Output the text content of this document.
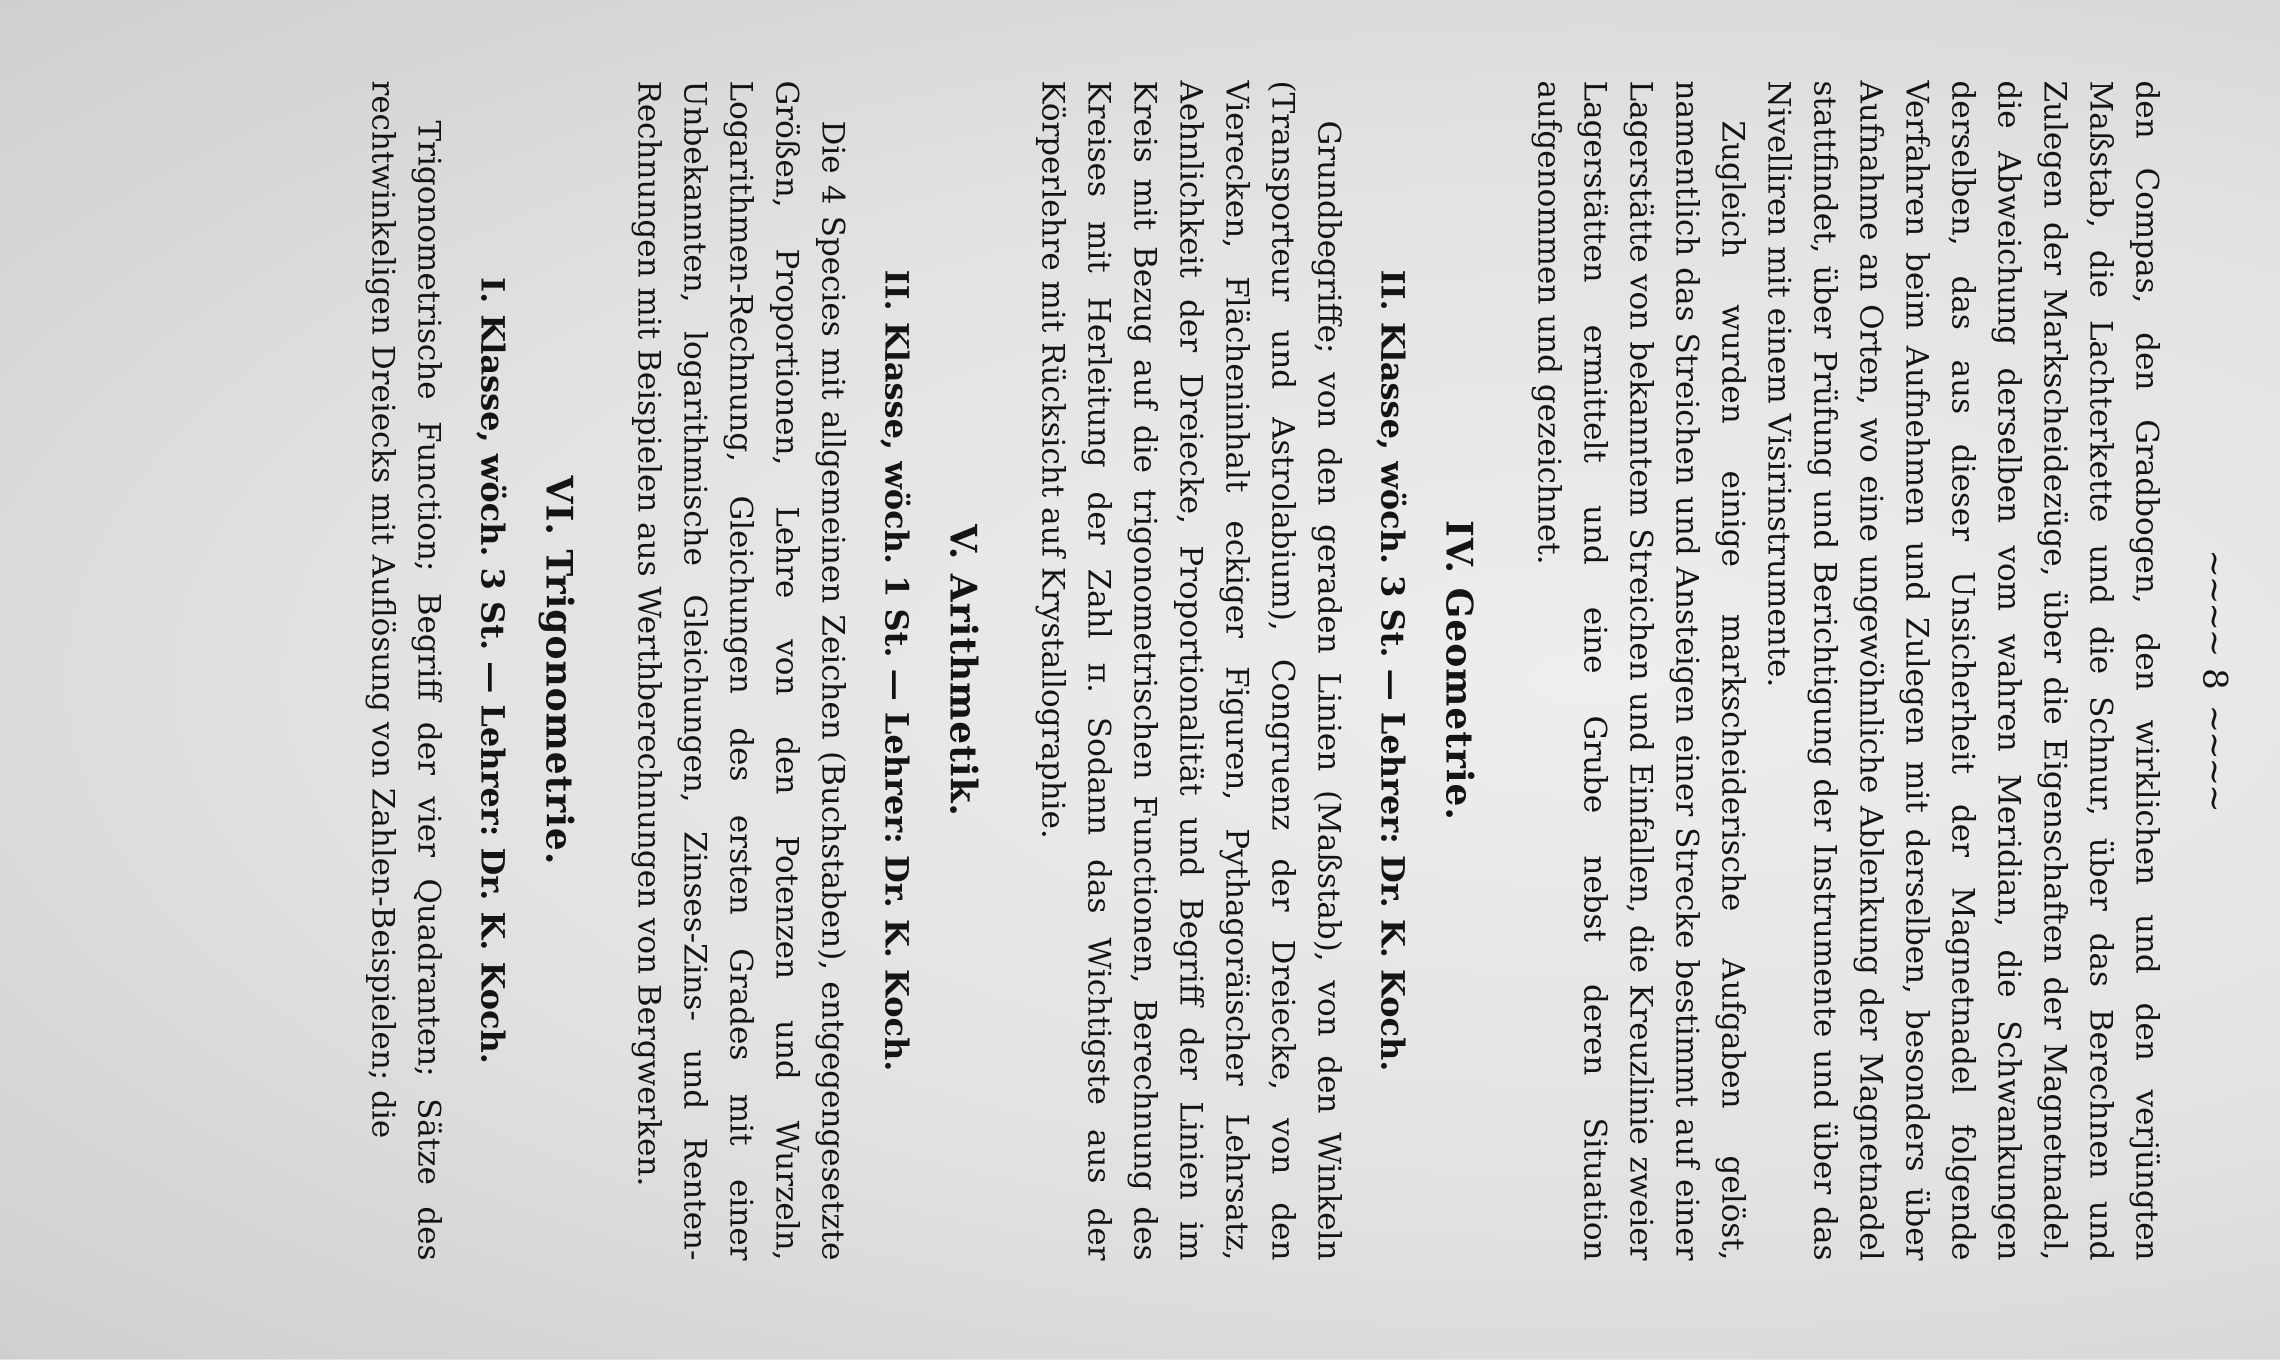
~~~~ 8 ~~~~

den Compas, den Gradbogen, den wirklichen und den verjüngten Maßstab, die Lachterkette und die Schnur, über das Berechnen und Zulegen der Markscheidezüge, über die Eigenschaften der Magnetnadel, die Abweichung derselben vom wahren Meridian, die Schwankungen derselben, das aus dieser Unsicherheit der Magnetnadel folgende Verfahren beim Aufnehmen und Zulegen mit derselben, besonders über Aufnahme an Orten, wo eine ungewöhnliche Ablenkung der Magnetnadel stattfindet, über Prüfung und Berichtigung der Instrumente und über das Nivelliren mit einem Visirinstrumente.

Zugleich wurden einige markscheiderische Aufgaben gelöst, namentlich das Streichen und Ansteigen einer Strecke bestimmt auf einer Lagerstätte von bekanntem Streichen und Einfallen, die Kreuzlinie zweier Lagerstätten ermittelt und eine Grube nebst deren Situation aufgenommen und gezeichnet.

IV. Geometrie.
II. Klasse, wöch. 3 St. — Lehrer: Dr. K. Koch.

Grundbegriffe; von den geraden Linien (Maßstab), von den Winkeln (Transporteur und Astrolabium), Congruenz der Dreiecke, von den Vierecken, Flächeninhalt eckiger Figuren, Pythagoräischer Lehrsatz, Aehnlichkeit der Dreiecke, Proportionalität und Begriff der Linien im Kreis mit Bezug auf die trigonometrischen Functionen, Berechnung des Kreises mit Herleitung der Zahl π. Sodann das Wichtigste aus der Körperlehre mit Rücksicht auf Krystallographie.

V. Arithmetik.
II. Klasse, wöch. 1 St. — Lehrer: Dr. K. Koch.

Die 4 Species mit allgemeinen Zeichen (Buchstaben), entgegengesetzte Größen, Proportionen, Lehre von den Potenzen und Wurzeln, Logarithmen-Rechnung, Gleichungen des ersten Grades mit einer Unbekannten, logarithmische Gleichungen, Zinses-Zins- und Renten-Rechnungen mit Beispielen aus Werthberechnungen von Bergwerken.

VI. Trigonometrie.
I. Klasse, wöch. 3 St. — Lehrer: Dr. K. Koch.

Trigonometrische Function; Begriff der vier Quadranten; Sätze des rechtwinkeligen Dreiecks mit Auflösung von Zahlen-Beispielen; die
